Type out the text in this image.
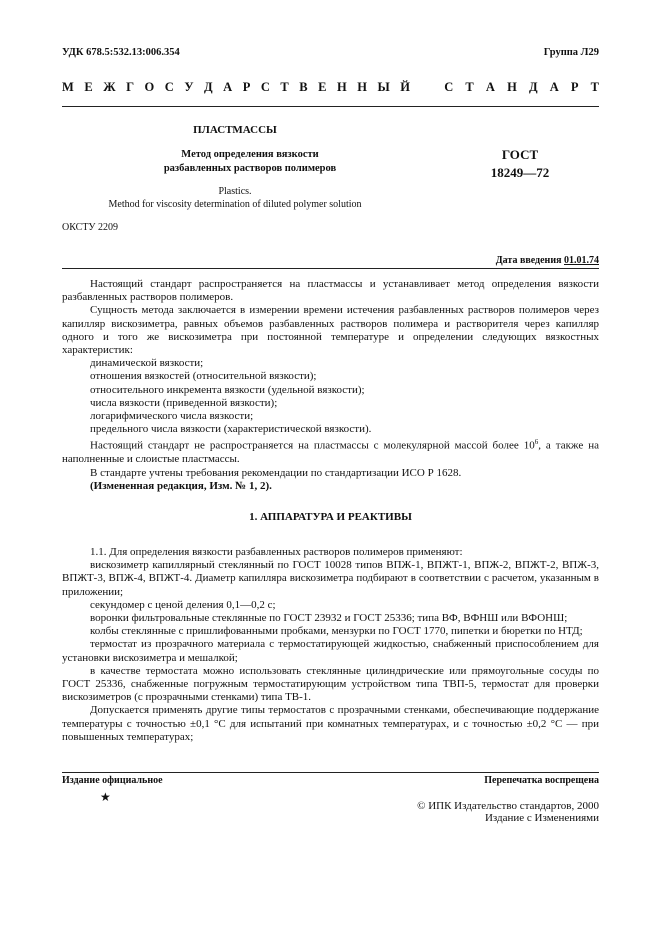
УДК 678.5:532.13:006.354	Группа Л29
М Е Ж Г О С У Д А Р С Т В Е Н Н Ы Й	С Т А Н Д А Р Т
ПЛАСТМАССЫ
Метод определения вязкости
разбавленных растворов полимеров
ГОСТ
18249—72
Plastics.
Method for viscosity determination of diluted polymer solution
ОКСТУ 2209
Дата введения 01.01.74

Настоящий стандарт распространяется на пластмассы и устанавливает метод определения вязкости разбавленных растворов полимеров.

Сущность метода заключается в измерении времени истечения разбавленных растворов полимеров через капилляр вискозиметра, равных объемов разбавленных растворов полимера и растворителя через капилляр одного и того же вискозиметра при постоянной температуре и определении следующих вязкостных характеристик:

динамической вязкости;

отношения вязкостей (относительной вязкости);

относительного инкремента вязкости (удельной вязкости);

числа вязкости (приведенной вязкости);

логарифмического числа вязкости;

предельного числа вязкости (характеристической вязкости).

Настоящий стандарт не распространяется на пластмассы с молекулярной массой более $10^6$, а также на наполненные и слоистые пластмассы.

В стандарте учтены требования рекомендации по стандартизации ИСО Р 1628.

(Измененная редакция, Изм. № 1, 2).

1. АППАРАТУРА И РЕАКТИВЫ

1.1. Для определения вязкости разбавленных растворов полимеров применяют:

вискозиметр капиллярный стеклянный по ГОСТ 10028 типов ВПЖ-1, ВПЖТ-1, ВПЖ-2, ВПЖТ-2, ВПЖ-3, ВПЖТ-3, ВПЖ-4, ВПЖТ-4. Диаметр капилляра вискозиметра подбирают в соответствии с расчетом, указанным в приложении;

секундомер с ценой деления 0,1—0,2 с;

воронки фильтровальные стеклянные по ГОСТ 23932 и ГОСТ 25336; типа ВФ, ВФНШ или ВФОНШ;

колбы стеклянные с пришлифованными пробками, мензурки по ГОСТ 1770, пипетки и бюретки по НТД;

термостат из прозрачного материала с термостатирующей жидкостью, снабженный приспособлением для установки вискозиметра и мешалкой;

в качестве термостата можно использовать стеклянные цилиндрические или прямоугольные сосуды по ГОСТ 25336, снабженные погружным термостатирующим устройством типа ТВП-5, термостат для проверки вискозиметров (с прозрачными стенками) типа ТВ-1.

Допускается применять другие типы термостатов с прозрачными стенками, обеспечивающие поддержание температуры с точностью ±0,1 °С для испытаний при комнатных температурах, и с точностью ±0,2 °С — при повышенных температурах;

Издание официальное	Перепечатка воспрещена
★
© ИПК Издательство стандартов, 2000
Издание с Изменениями
